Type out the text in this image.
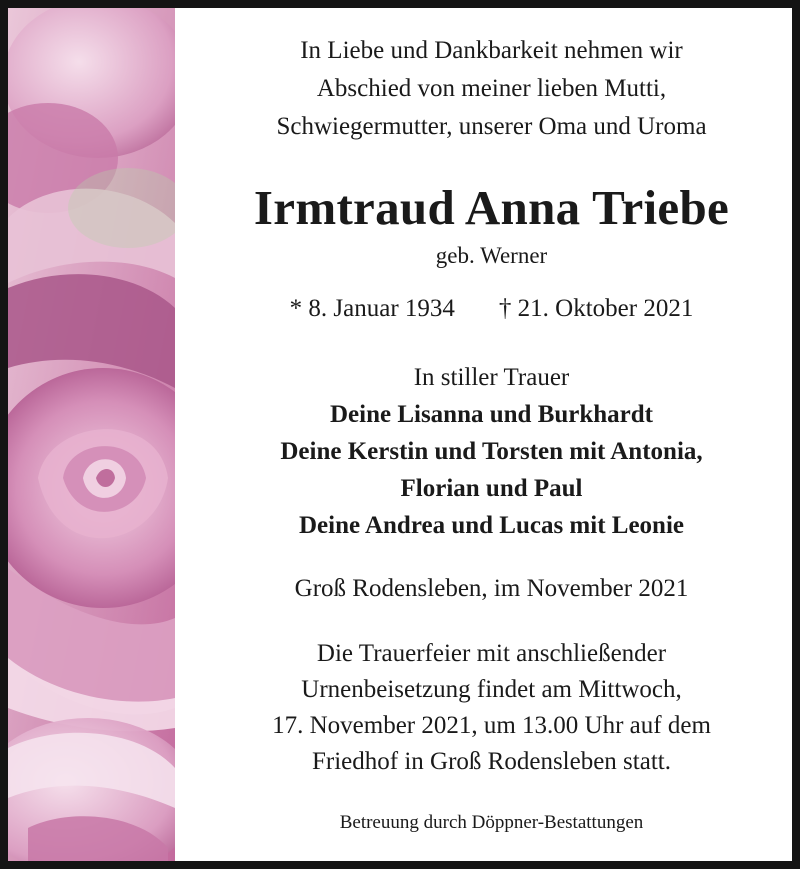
In Liebe und Dankbarkeit nehmen wir

Abschied von meiner lieben Mutti,

Schwiegermutter, unserer Oma und Uroma

Irmtraud Anna Triebe
geb. Werner
* 8. Januar 1934 † 21. Oktober 2021

In stiller Trauer

Deine Lisanna und Burkhardt

Deine Kerstin und Torsten mit Antonia,

Florian und Paul

Deine Andrea und Lucas mit Leonie

Groß Rodensleben, im November 2021

Die Trauerfeier mit anschließender

Urnenbeisetzung findet am Mittwoch,

17. November 2021, um 13.00 Uhr auf dem

Friedhof in Groß Rodensleben statt.

Betreuung durch Döppner-Bestattungen
